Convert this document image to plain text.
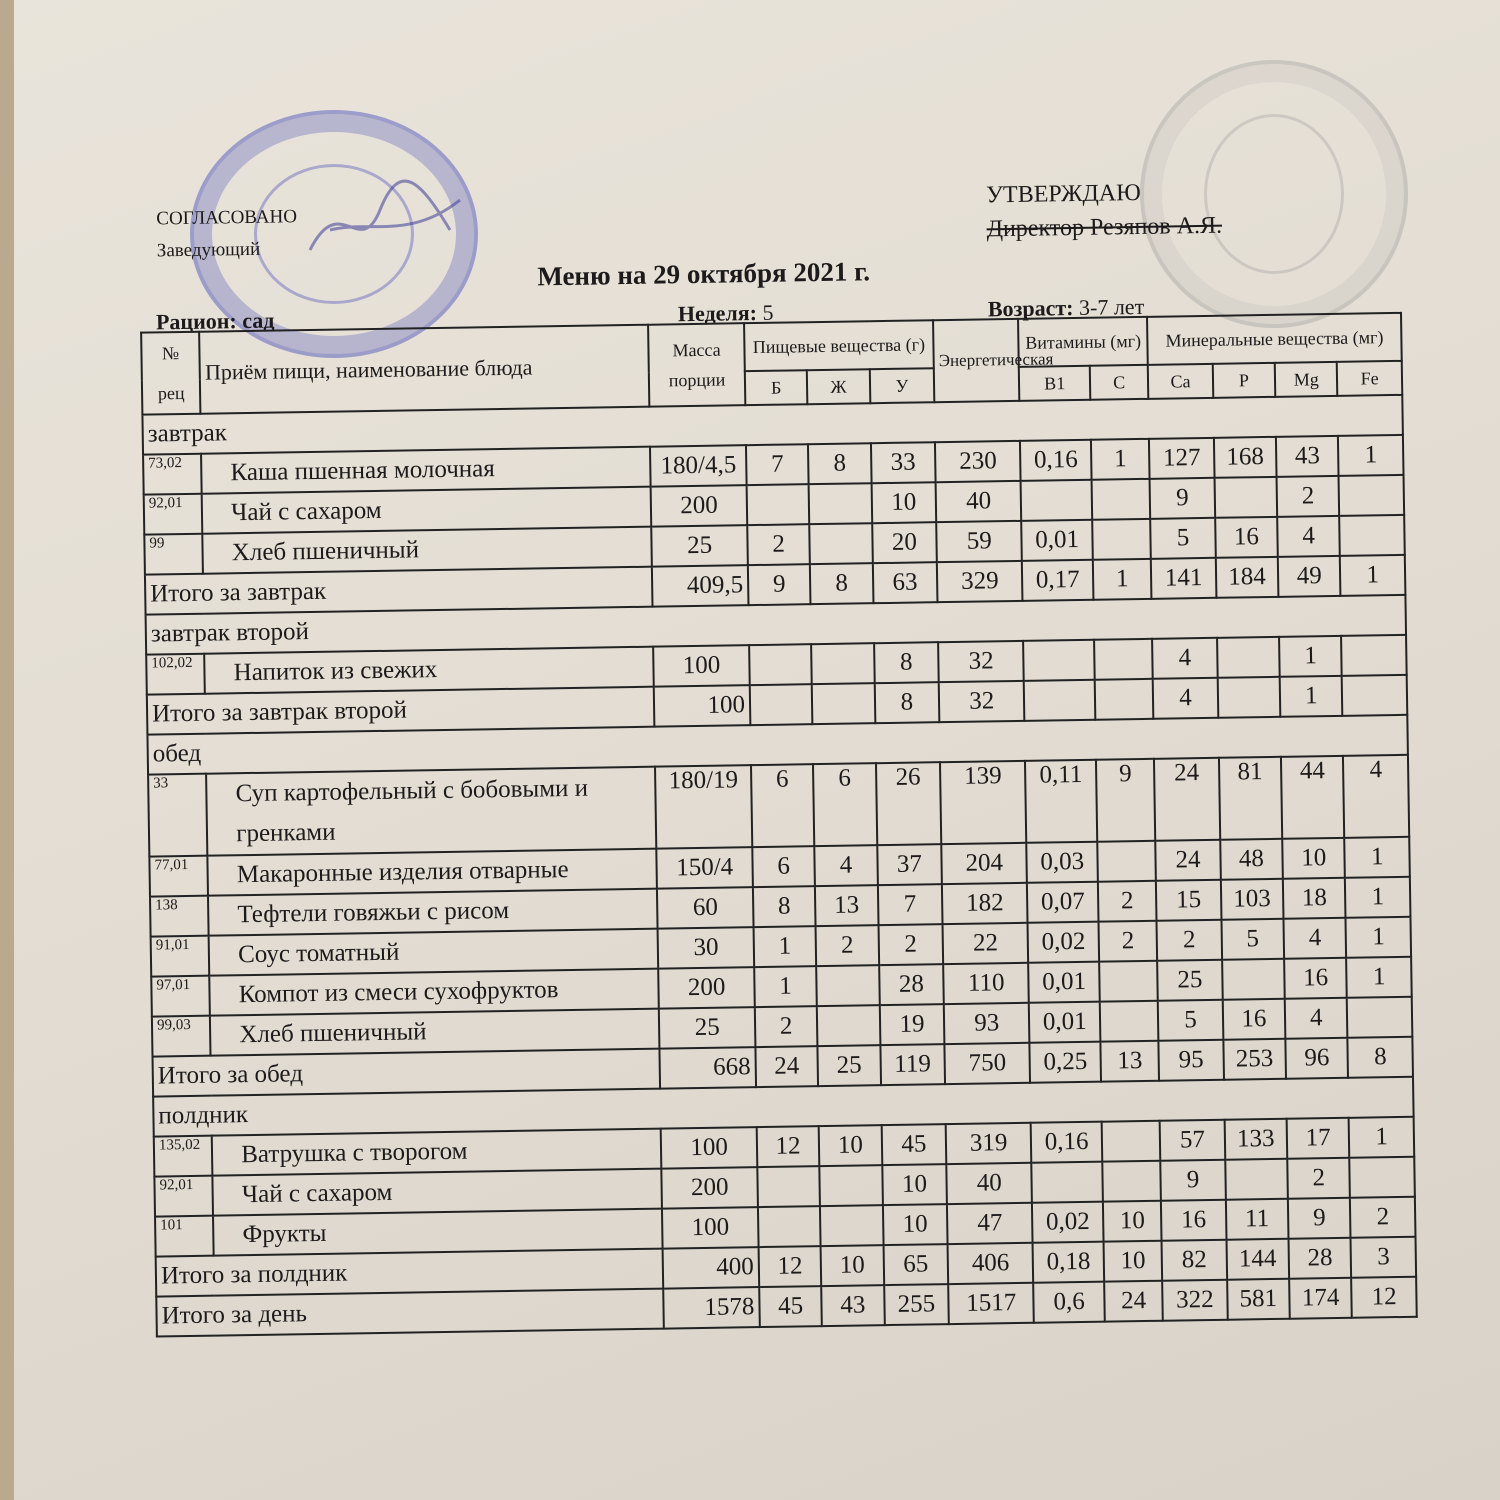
СОГЛАСОВАНО
Заведующий
УТВЕРЖДАЮ
Директор Резяпов А.Я.
Меню на 29 октября 2021 г.
Рацион: сад	Неделя: 5	Возраст: 3-7 лет
№ рец	Приём пищи, наименование блюда	Масса порции	Пищевые вещества (г)			Энергетическая	Витамины (мг)		Минеральные вещества (мг)			
			Б	Ж	У		B1	C	Ca	P	Mg	Fe
завтрак												
73,02	Каша пшенная молочная	180/4,5	7	8	33	230	0,16	1	127	168	43	1
92,01	Чай с сахаром	200			10	40			9		2	
99	Хлеб пшеничный	25	2		20	59	0,01		5	16	4	
Итого за завтрак		409,5	9	8	63	329	0,17	1	141	184	49	1
завтрак второй												
102,02	Напиток из свежих	100			8	32			4		1	
Итого за завтрак второй		100			8	32			4		1	
обед												
33	Суп картофельный с бобовыми и гренками	180/19	6	6	26	139	0,11	9	24	81	44	4
77,01	Макаронные изделия отварные	150/4	6	4	37	204	0,03		24	48	10	1
138	Тефтели говяжьи с рисом	60	8	13	7	182	0,07	2	15	103	18	1
91,01	Соус томатный	30	1	2	2	22	0,02	2	2	5	4	1
97,01	Компот из смеси сухофруктов	200	1		28	110	0,01		25		16	1
99,03	Хлеб пшеничный	25	2		19	93	0,01		5	16	4	
Итого за обед		668	24	25	119	750	0,25	13	95	253	96	8
полдник												
135,02	Ватрушка с творогом	100	12	10	45	319	0,16		57	133	17	1
92,01	Чай с сахаром	200			10	40			9		2	
101	Фрукты	100			10	47	0,02	10	16	11	9	2
Итого за полдник		400	12	10	65	406	0,18	10	82	144	28	3
Итого за день		1578	45	43	255	1517	0,6	24	322	581	174	12
